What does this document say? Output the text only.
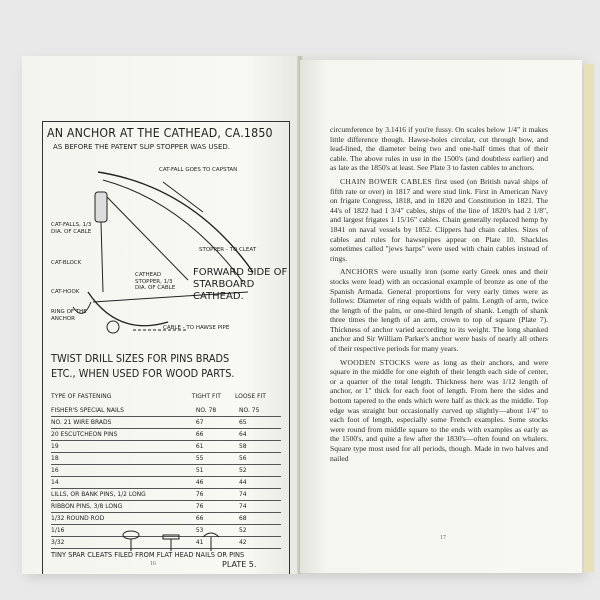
AN ANCHOR AT THE CATHEAD, CA.1850
AS BEFORE THE PATENT SLIP STOPPER WAS USED.
CAT-FALL GOES TO CAPSTAN
CAT-FALLS, 1/3 DIA. OF CABLE
STOPPER - TO CLEAT
CAT-BLOCK
CATHEAD STOPPER, 1/3 DIA. OF CABLE
FORWARD SIDE OF STARBOARD CATHEAD.
CAT-HOOK
RING OF THE ANCHOR
CABLE - TO HAWSE PIPE
TWIST DRILL SIZES FOR PINS BRADS
ETC., WHEN USED FOR WOOD PARTS.
TYPE OF FASTENING	TIGHT FIT	LOOSE FIT
FISHER'S SPECIAL NAILS	NO. 78	NO. 75
NO. 21 WIRE BRADS	67	65
20 ESCUTCHEON PINS	66	64
19	61	58
18	55	56
16	51	52
14	46	44
LILLS, OR BANK PINS, 1/2 LONG	76	74
RIBBON PINS, 3/8 LONG	76	74
1/32 ROUND ROD	66	68
1/16	53	52
3/32	41	42
TINY SPAR CLEATS FILED FROM FLAT HEAD NAILS OR PINS
16	PLATE 5.

circumference by 3.1416 if you're fussy. On scales below 1/4" it makes little difference though. Hawse-holes circular, cut through bow, and lead-lined, the diameter being two and one-half times that of their cable. The above rules in use in the 1500's (and doubtless earlier) and as late as the 1850's at least. See Plate 3 to fasten cables to anchors.

CHAIN BOWER CABLES first used (on British naval ships of fifth rate or over) in 1817 and were stud link. First in American Navy on frigate Congress, 1818, and in 1820 and Constitution in 1821. The 44's of 1822 had 1 3/4" cables, ships of the line of 1820's had 2 1/8", and largest frigates 1 15/16" cables. Chain generally replaced hemp by 1841 on naval vessels by 1852. Clippers had chain cables. Sizes of cables and rules for hawsepipes appear on Plate 10. Shackles sometimes called "jews harps" were used with chain cables instead of rings.

ANCHORS were usually iron (some early Greek ones and their stocks were lead) with an occasional example of bronze as one of the Spanish Armada. General proportions for very early times were as follows: Diameter of ring equals width of palm. Length of arm, twice the length of the palm, or one-third length of shank. Length of shank three times the length of an arm, crown to top of square (Plate 7). Thickness of anchor varied according to its weight. The long shanked anchor and Sir William Parker's anchor were basis of nearly all others of their respective periods for many years.

WOODEN STOCKS were as long as their anchors, and were square in the middle for one eighth of their length each side of center, or a quarter of the total length. Thickness here was 1/12 length of anchor, or 1" thick for each foot of length. From here the sides and bottom tapered to the ends which were half as thick as the middle. Top edge was straight but occasionally curved up slightly—about 1/4" to each foot of length, especially some French examples. Some stocks were round from middle square to the ends with examples as early as the 1500's, and quite a few after the 1830's—often found on whalers. Square type most used for all periods, though. Made in two halves and nailed

17
